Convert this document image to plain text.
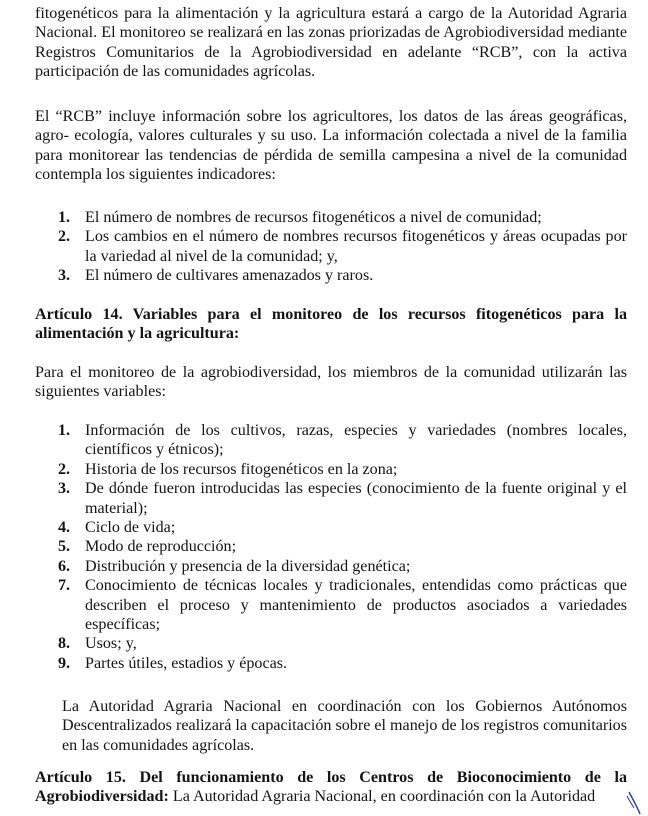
fitogenéticos para la alimentación y la agricultura estará a cargo de la Autoridad Agraria Nacional. El monitoreo se realizará en las zonas priorizadas de Agrobiodiversidad mediante Registros Comunitarios de la Agrobiodiversidad en adelante “RCB”, con la activa participación de las comunidades agrícolas.

El “RCB” incluye información sobre los agricultores, los datos de las áreas geográficas, agro- ecología, valores culturales y su uso. La información colectada a nivel de la familia para monitorear las tendencias de pérdida de semilla campesina a nivel de la comunidad contempla los siguientes indicadores:

1. El número de nombres de recursos fitogenéticos a nivel de comunidad;
2. Los cambios en el número de nombres recursos fitogenéticos y áreas ocupadas por la variedad al nivel de la comunidad; y,
3. El número de cultivares amenazados y raros.

Artículo 14. Variables para el monitoreo de los recursos fitogenéticos para la alimentación y la agricultura:

Para el monitoreo de la agrobiodiversidad, los miembros de la comunidad utilizarán las siguientes variables:

1. Información de los cultivos, razas, especies y variedades (nombres locales, científicos y étnicos);
2. Historia de los recursos fitogenéticos en la zona;
3. De dónde fueron introducidas las especies (conocimiento de la fuente original y el material);
4. Ciclo de vida;
5. Modo de reproducción;
6. Distribución y presencia de la diversidad genética;
7. Conocimiento de técnicas locales y tradicionales, entendidas como prácticas que describen el proceso y mantenimiento de productos asociados a variedades específicas;
8. Usos; y,
9. Partes útiles, estadios y épocas.

La Autoridad Agraria Nacional en coordinación con los Gobiernos Autónomos Descentralizados realizará la capacitación sobre el manejo de los registros comunitarios en las comunidades agrícolas.

Artículo 15. Del funcionamiento de los Centros de Bioconocimiento de la Agrobiodiversidad: La Autoridad Agraria Nacional, en coordinación con la Autoridad
